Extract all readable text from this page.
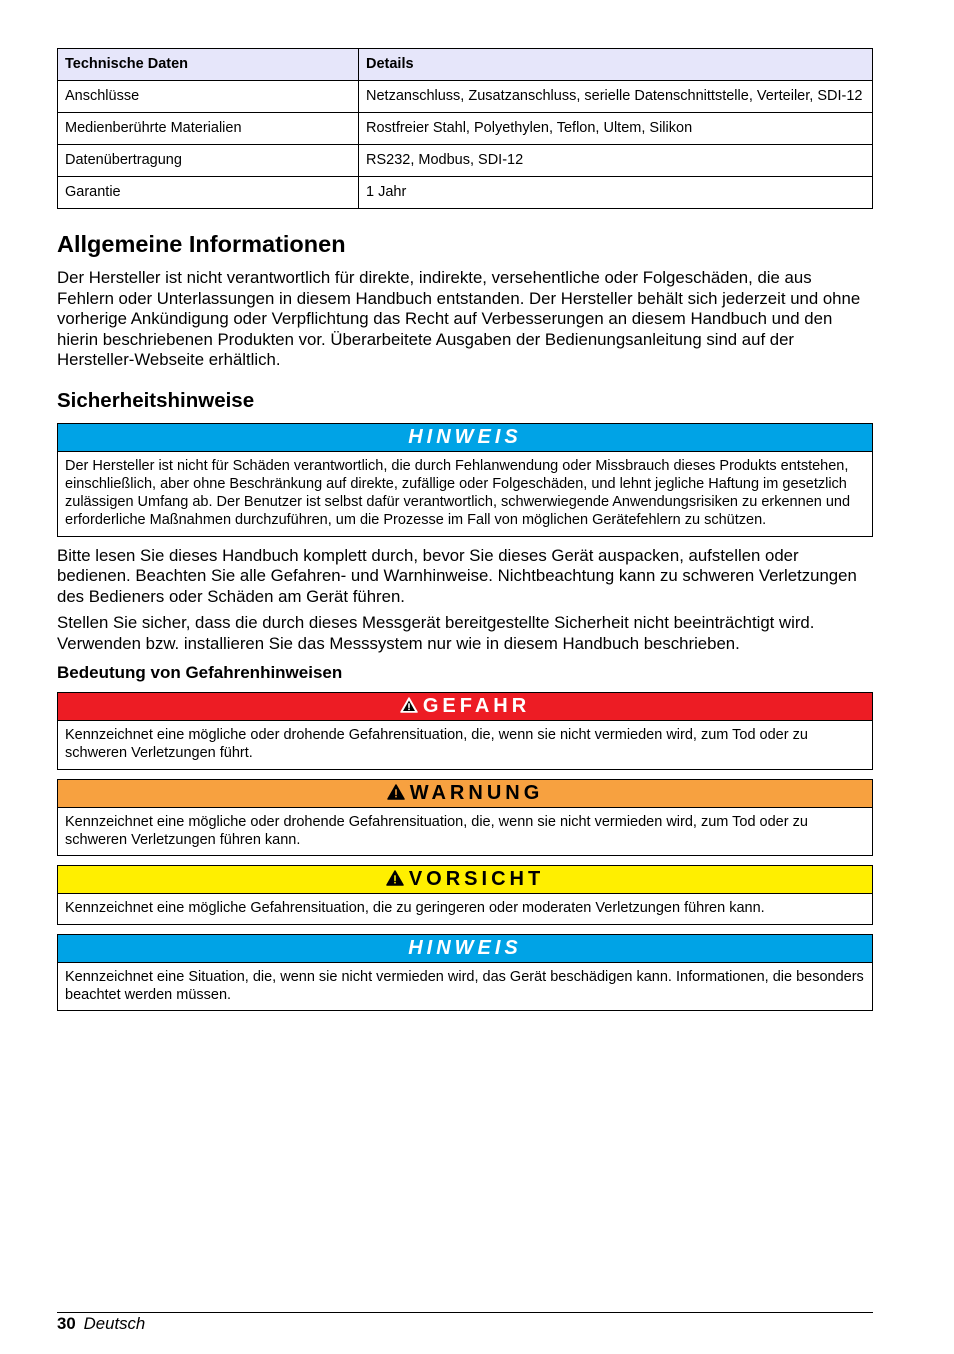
Technische Daten	Details
Anschlüsse	Netzanschluss, Zusatzanschluss, serielle Datenschnittstelle, Verteiler, SDI-12
Medienberührte Materialien	Rostfreier Stahl, Polyethylen, Teflon, Ultem, Silikon
Datenübertragung	RS232, Modbus, SDI-12
Garantie	1 Jahr
Allgemeine Informationen

Der Hersteller ist nicht verantwortlich für direkte, indirekte, versehentliche oder Folgeschäden, die aus Fehlern oder Unterlassungen in diesem Handbuch entstanden. Der Hersteller behält sich jederzeit und ohne vorherige Ankündigung oder Verpflichtung das Recht auf Verbesserungen an diesem Handbuch und den hierin beschriebenen Produkten vor. Überarbeitete Ausgaben der Bedienungsanleitung sind auf der Hersteller-Webseite erhältlich.

Sicherheitshinweise
HINWEIS
Der Hersteller ist nicht für Schäden verantwortlich, die durch Fehlanwendung oder Missbrauch dieses Produkts entstehen, einschließlich, aber ohne Beschränkung auf direkte, zufällige oder Folgeschäden, und lehnt jegliche Haftung im gesetzlich zulässigen Umfang ab. Der Benutzer ist selbst dafür verantwortlich, schwerwiegende Anwendungsrisiken zu erkennen und erforderliche Maßnahmen durchzuführen, um die Prozesse im Fall von möglichen Gerätefehlern zu schützen.

Bitte lesen Sie dieses Handbuch komplett durch, bevor Sie dieses Gerät auspacken, aufstellen oder bedienen. Beachten Sie alle Gefahren- und Warnhinweise. Nichtbeachtung kann zu schweren Verletzungen des Bedieners oder Schäden am Gerät führen.

Stellen Sie sicher, dass die durch dieses Messgerät bereitgestellte Sicherheit nicht beeinträchtigt wird. Verwenden bzw. installieren Sie das Messsystem nur wie in diesem Handbuch beschrieben.

Bedeutung von Gefahrenhinweisen
GEFAHR
Kennzeichnet eine mögliche oder drohende Gefahrensituation, die, wenn sie nicht vermieden wird, zum Tod oder zu schweren Verletzungen führt.
WARNUNG
Kennzeichnet eine mögliche oder drohende Gefahrensituation, die, wenn sie nicht vermieden wird, zum Tod oder zu schweren Verletzungen führen kann.
VORSICHT
Kennzeichnet eine mögliche Gefahrensituation, die zu geringeren oder moderaten Verletzungen führen kann.
HINWEIS
Kennzeichnet eine Situation, die, wenn sie nicht vermieden wird, das Gerät beschädigen kann. Informationen, die besonders beachtet werden müssen.
30 Deutsch
